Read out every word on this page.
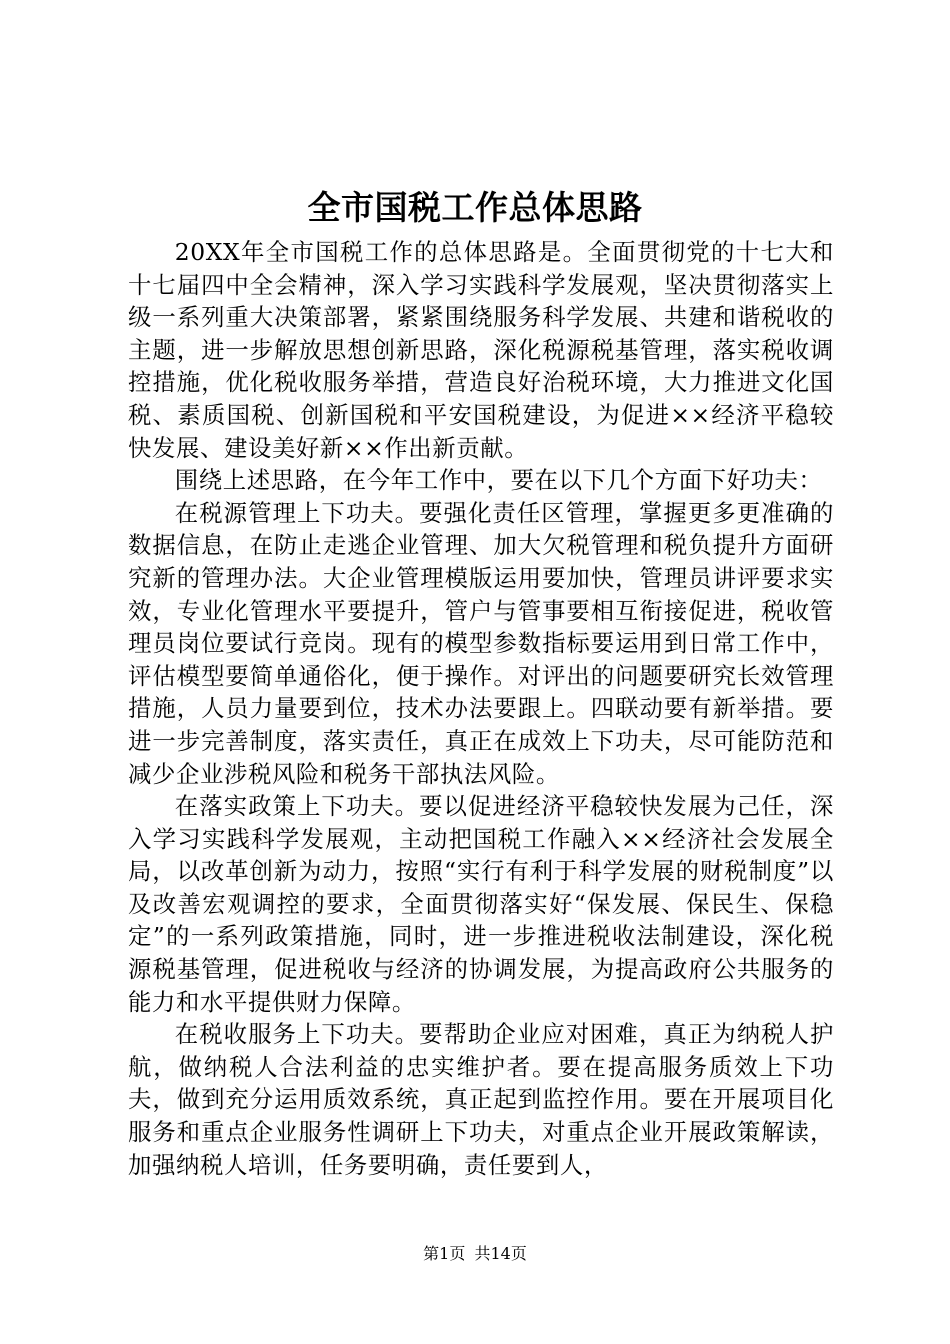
全市国税工作总体思路

20XX年全市国税工作的总体思路是。全面贯彻党的十七大和十七届四中全会精神，深入学习实践科学发展观，坚决贯彻落实上级一系列重大决策部署，紧紧围绕服务科学发展、共建和谐税收的主题，进一步解放思想创新思路，深化税源税基管理，落实税收调控措施，优化税收服务举措，营造良好治税环境，大力推进文化国税、素质国税、创新国税和平安国税建设，为促进××经济平稳较快发展、建设美好新××作出新贡献。

围绕上述思路，在今年工作中，要在以下几个方面下好功夫：

在税源管理上下功夫。要强化责任区管理，掌握更多更准确的数据信息，在防止走逃企业管理、加大欠税管理和税负提升方面研究新的管理办法。大企业管理模版运用要加快，管理员讲评要求实效，专业化管理水平要提升，管户与管事要相互衔接促进，税收管理员岗位要试行竞岗。现有的模型参数指标要运用到日常工作中，评估模型要简单通俗化，便于操作。对评出的问题要研究长效管理措施，人员力量要到位，技术办法要跟上。四联动要有新举措。要进一步完善制度，落实责任，真正在成效上下功夫，尽可能防范和减少企业涉税风险和税务干部执法风险。

在落实政策上下功夫。要以促进经济平稳较快发展为己任，深入学习实践科学发展观，主动把国税工作融入××经济社会发展全局，以改革创新为动力，按照“实行有利于科学发展的财税制度”以及改善宏观调控的要求，全面贯彻落实好“保发展、保民生、保稳定”的一系列政策措施，同时，进一步推进税收法制建设，深化税源税基管理，促进税收与经济的协调发展，为提高政府公共服务的能力和水平提供财力保障。

在税收服务上下功夫。要帮助企业应对困难，真正为纳税人护航，做纳税人合法利益的忠实维护者。要在提高服务质效上下功夫，做到充分运用质效系统，真正起到监控作用。要在开展项目化服务和重点企业服务性调研上下功夫，对重点企业开展政策解读，加强纳税人培训，任务要明确，责任要到人，

第1页 共14页
